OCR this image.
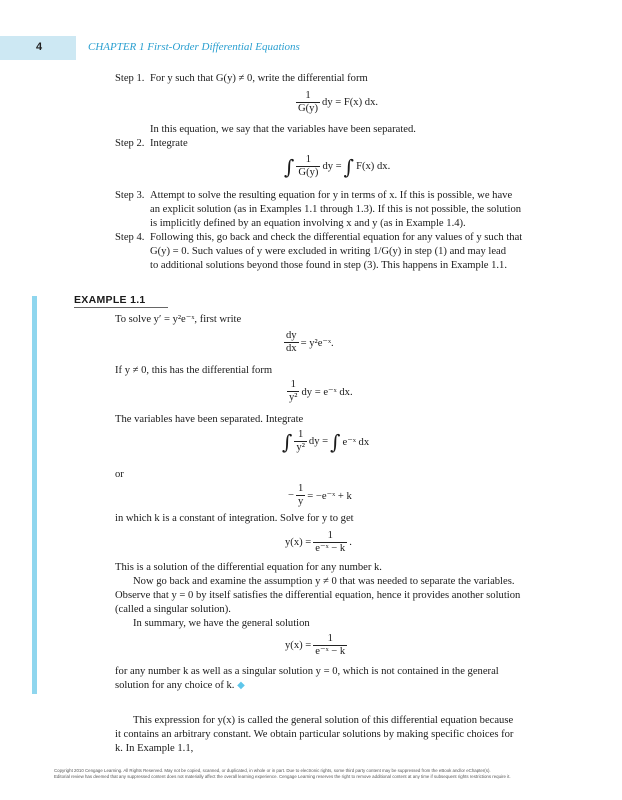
4	CHAPTER 1 First-Order Differential Equations
Step 1. For y such that G(y) ≠ 0, write the differential form
$\frac{1}{G(y)}$ dy = F(x) dx.
In this equation, we say that the variables have been separated.
Step 2. Integrate
∫ $\frac{1}{G(y)}$ dy = ∫ F(x) dx.
Step 3. Attempt to solve the resulting equation for y in terms of x. If this is possible, we have
an explicit solution (as in Examples 1.1 through 1.3). If this is not possible, the solution
is implicitly defined by an equation involving x and y (as in Example 1.4).
Step 4. Following this, go back and check the differential equation for any values of y such that
G(y) = 0. Such values of y were excluded in writing 1/G(y) in step (1) and may lead
to additional solutions beyond those found in step (3). This happens in Example 1.1.
EXAMPLE 1.1
To solve y′ = y²e⁻ˣ, first write
$\frac{dy}{dx}$ = y²e⁻ˣ.
If y ≠ 0, this has the differential form
$\frac{1}{\text{y²}}$ dy = e⁻ˣ dx.
The variables have been separated. Integrate
∫ $\frac{1}{\text{y²}}$ dy = ∫ e⁻ˣ dx
or
− $\frac{1}{y}$ = −e⁻ˣ + k
in which k is a constant of integration. Solve for y to get
$y(x) = \frac{1}{\text{e⁻ˣ − k}}$ .
This is a solution of the differential equation for any number k.
Now go back and examine the assumption y ≠ 0 that was needed to separate the variables.
Observe that y = 0 by itself satisfies the differential equation, hence it provides another solution
(called a singular solution).
In summary, we have the general solution
$y(x) = \frac{1}{\text{e⁻ˣ − k}}$
for any number k as well as a singular solution y = 0, which is not contained in the general
solution for any choice of k. ◆
This expression for y(x) is called the general solution of this differential equation because
it contains an arbitrary constant. We obtain particular solutions by making specific choices for
k. In Example 1.1,
Copyright 2010 Cengage Learning. All Rights Reserved. May not be copied, scanned, or duplicated, in whole or in part. Due to electronic rights, some third party content may be suppressed from the eBook and/or eChapter(s).
Editorial review has deemed that any suppressed content does not materially affect the overall learning experience. Cengage Learning reserves the right to remove additional content at any time if subsequent rights restrictions require it.
